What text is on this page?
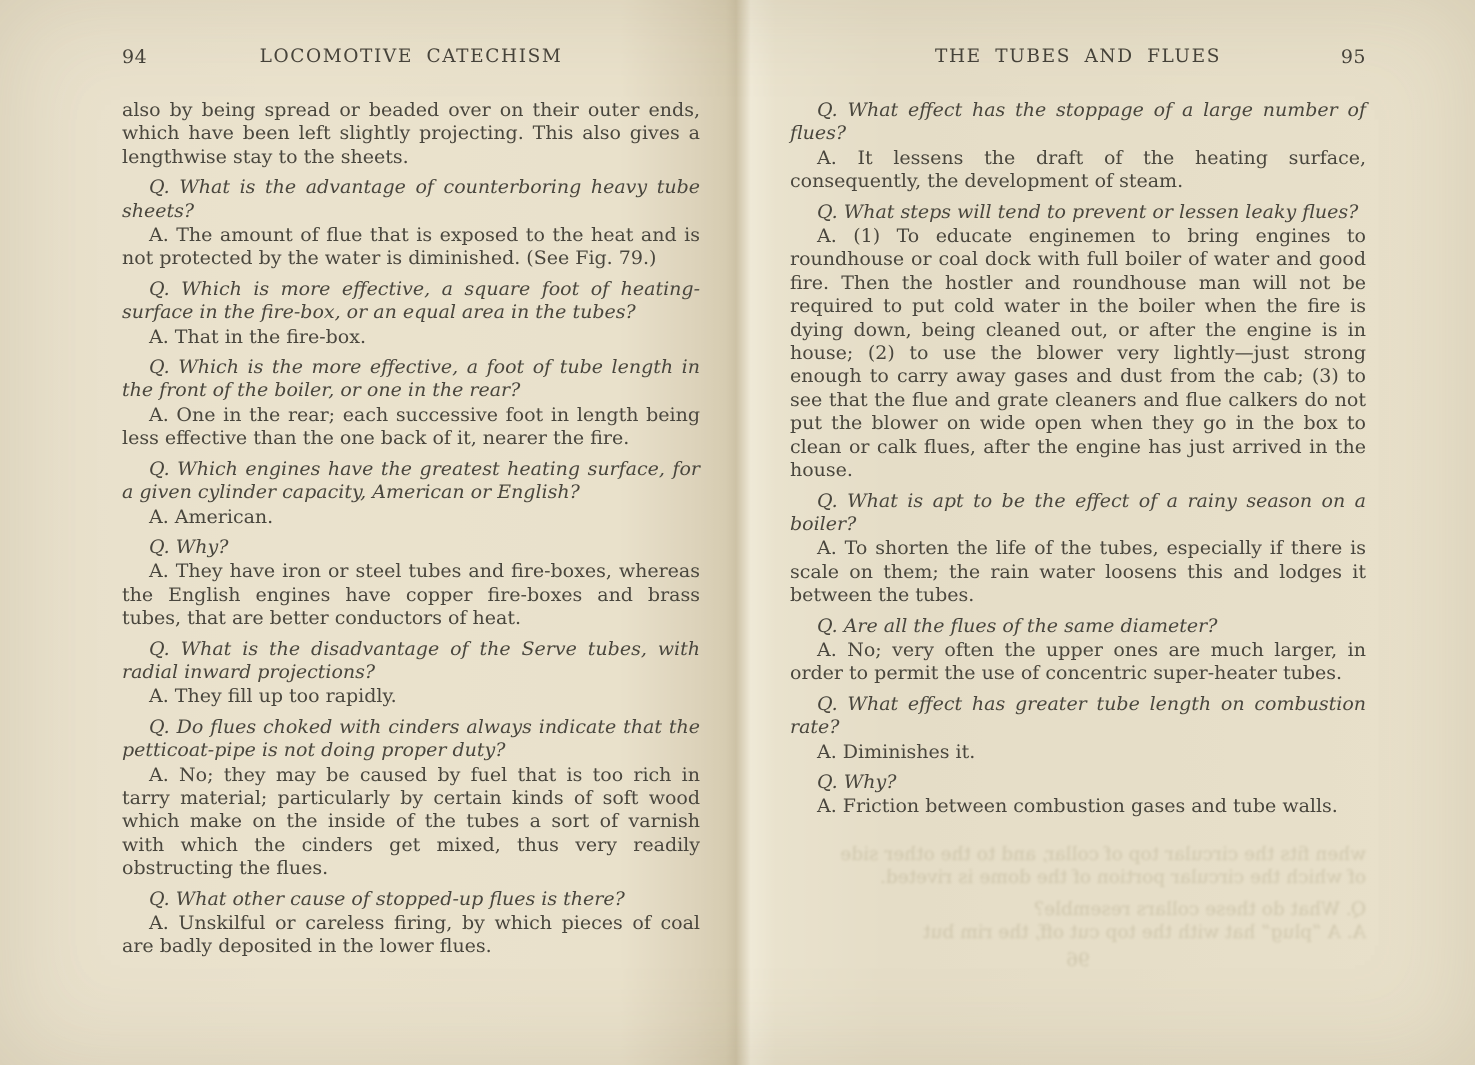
94	LOCOMOTIVE CATECHISM

also by being spread or beaded over on their outer ends, which have been left slightly projecting. This also gives a lengthwise stay to the sheets.

Q. What is the advantage of counterboring heavy tube sheets?

A. The amount of flue that is exposed to the heat and is not protected by the water is diminished. (See Fig. 79.)

Q. Which is more effective, a square foot of heating-surface in the fire-box, or an equal area in the tubes?

A. That in the fire-box.

Q. Which is the more effective, a foot of tube length in the front of the boiler, or one in the rear?

A. One in the rear; each successive foot in length being less effective than the one back of it, nearer the fire.

Q. Which engines have the greatest heating surface, for a given cylinder capacity, American or English?

A. American.

Q. Why?

A. They have iron or steel tubes and fire-boxes, whereas the English engines have copper fire-boxes and brass tubes, that are better conductors of heat.

Q. What is the disadvantage of the Serve tubes, with radial inward projections?

A. They fill up too rapidly.

Q. Do flues choked with cinders always indicate that the petticoat-pipe is not doing proper duty?

A. No; they may be caused by fuel that is too rich in tarry material; particularly by certain kinds of soft wood which make on the inside of the tubes a sort of varnish with which the cinders get mixed, thus very readily obstructing the flues.

Q. What other cause of stopped-up flues is there?

A. Unskilful or careless firing, by which pieces of coal are badly deposited in the lower flues.

THE TUBES AND FLUES	95

Q. What effect has the stoppage of a large number of flues?

A. It lessens the draft of the heating surface, consequently, the development of steam.

Q. What steps will tend to prevent or lessen leaky flues?

A. (1) To educate enginemen to bring engines to roundhouse or coal dock with full boiler of water and good fire. Then the hostler and roundhouse man will not be required to put cold water in the boiler when the fire is dying down, being cleaned out, or after the engine is in house; (2) to use the blower very lightly—just strong enough to carry away gases and dust from the cab; (3) to see that the flue and grate cleaners and flue calkers do not put the blower on wide open when they go in the box to clean or calk flues, after the engine has just arrived in the house.

Q. What is apt to be the effect of a rainy season on a boiler?

A. To shorten the life of the tubes, especially if there is scale on them; the rain water loosens this and lodges it between the tubes.

Q. Are all the flues of the same diameter?

A. No; very often the upper ones are much larger, in order to permit the use of concentric super-heater tubes.

Q. What effect has greater tube length on combustion rate?

A. Diminishes it.

Q. Why?

A. Friction between combustion gases and tube walls.

when fits the circular top of collar, and to the other side

of which the circular portion of the dome is riveted.

Q. What do these collars resemble?

A. A “plug” hat with the top cut off, the rim but

96
